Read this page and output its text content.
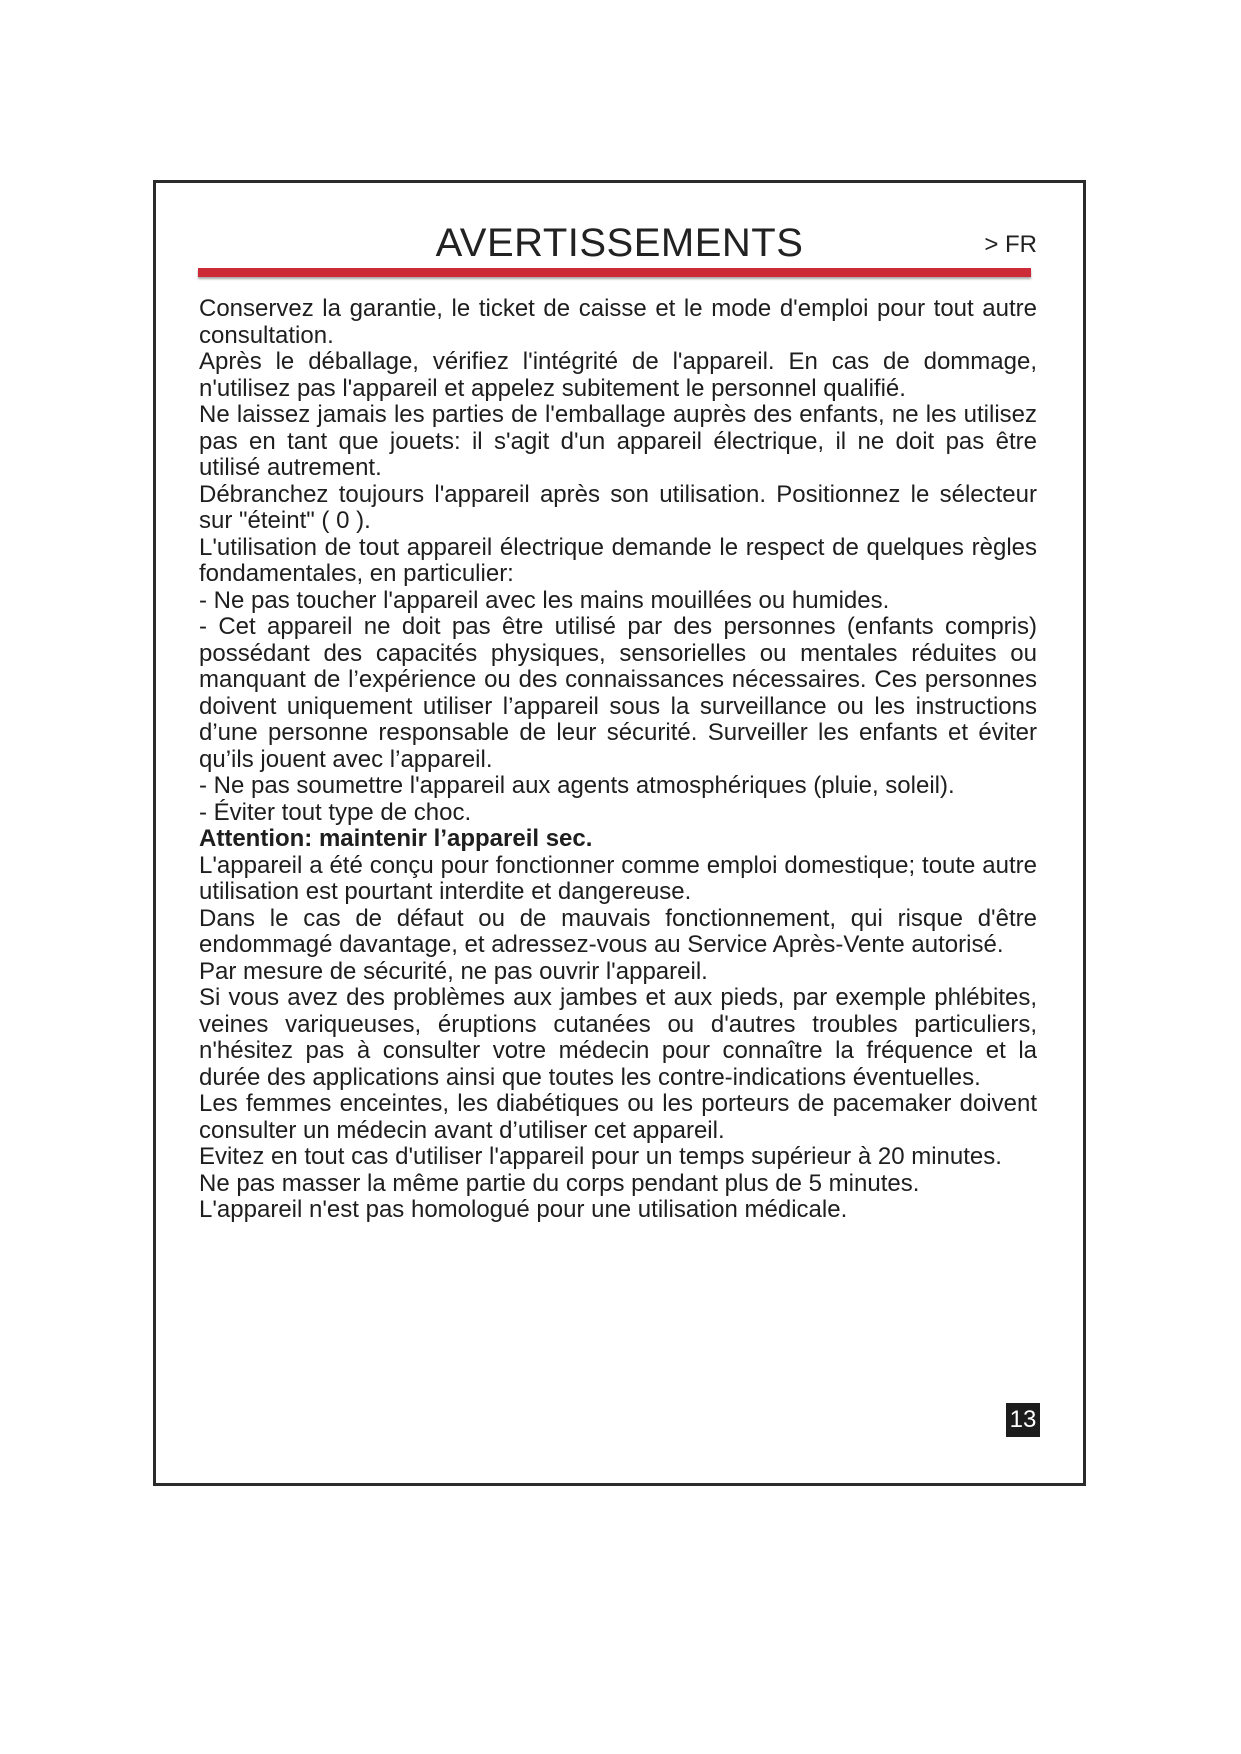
AVERTISSEMENTS	> FR

Conservez la garantie, le ticket de caisse et le mode d'emploi pour tout autre consultation.

Après le déballage, vérifiez l'intégrité de l'appareil. En cas de dommage, n'utilisez pas l'appareil et appelez subitement le personnel qualifié.

Ne laissez jamais les parties de l'emballage auprès des enfants, ne les utilisez pas en tant que jouets: il s'agit d'un appareil électrique, il ne doit pas être utilisé autrement.

Débranchez toujours l'appareil après son utilisation. Positionnez le sélecteur sur "éteint" ( 0 ).

L'utilisation de tout appareil électrique demande le respect de quelques règles fondamentales, en particulier:

- Ne pas toucher l'appareil avec les mains mouillées ou humides.

- Cet appareil ne doit pas être utilisé par des personnes (enfants compris) possédant des capacités physiques, sensorielles ou mentales réduites ou manquant de l’expérience ou des connaissances nécessaires. Ces personnes doivent uniquement utiliser l’appareil sous la surveillance ou les instructions d’une personne responsable de leur sécurité. Surveiller les enfants et éviter qu’ils jouent avec l’appareil.

- Ne pas soumettre l'appareil aux agents atmosphériques (pluie, soleil).

- Éviter tout type de choc.

Attention: maintenir l’appareil sec.

L'appareil a été conçu pour fonctionner comme emploi domestique; toute autre utilisation est pourtant interdite et dangereuse.

Dans le cas de défaut ou de mauvais fonctionnement, qui risque d'être endommagé davantage, et adressez-vous au Service Après-Vente autorisé.

Par mesure de sécurité, ne pas ouvrir l'appareil.

Si vous avez des problèmes aux jambes et aux pieds, par exemple phlébites, veines variqueuses, éruptions cutanées ou d'autres troubles particuliers, n'hésitez pas à consulter votre médecin pour connaître la fréquence et la durée des applications ainsi que toutes les contre-indications éventuelles.

Les femmes enceintes, les diabétiques ou les porteurs de pacemaker doivent consulter un médecin avant d’utiliser cet appareil.

Evitez en tout cas d'utiliser l'appareil pour un temps supérieur à 20 minutes.

Ne pas masser la même partie du corps pendant plus de 5 minutes.

L'appareil n'est pas homologué pour une utilisation médicale.

13
